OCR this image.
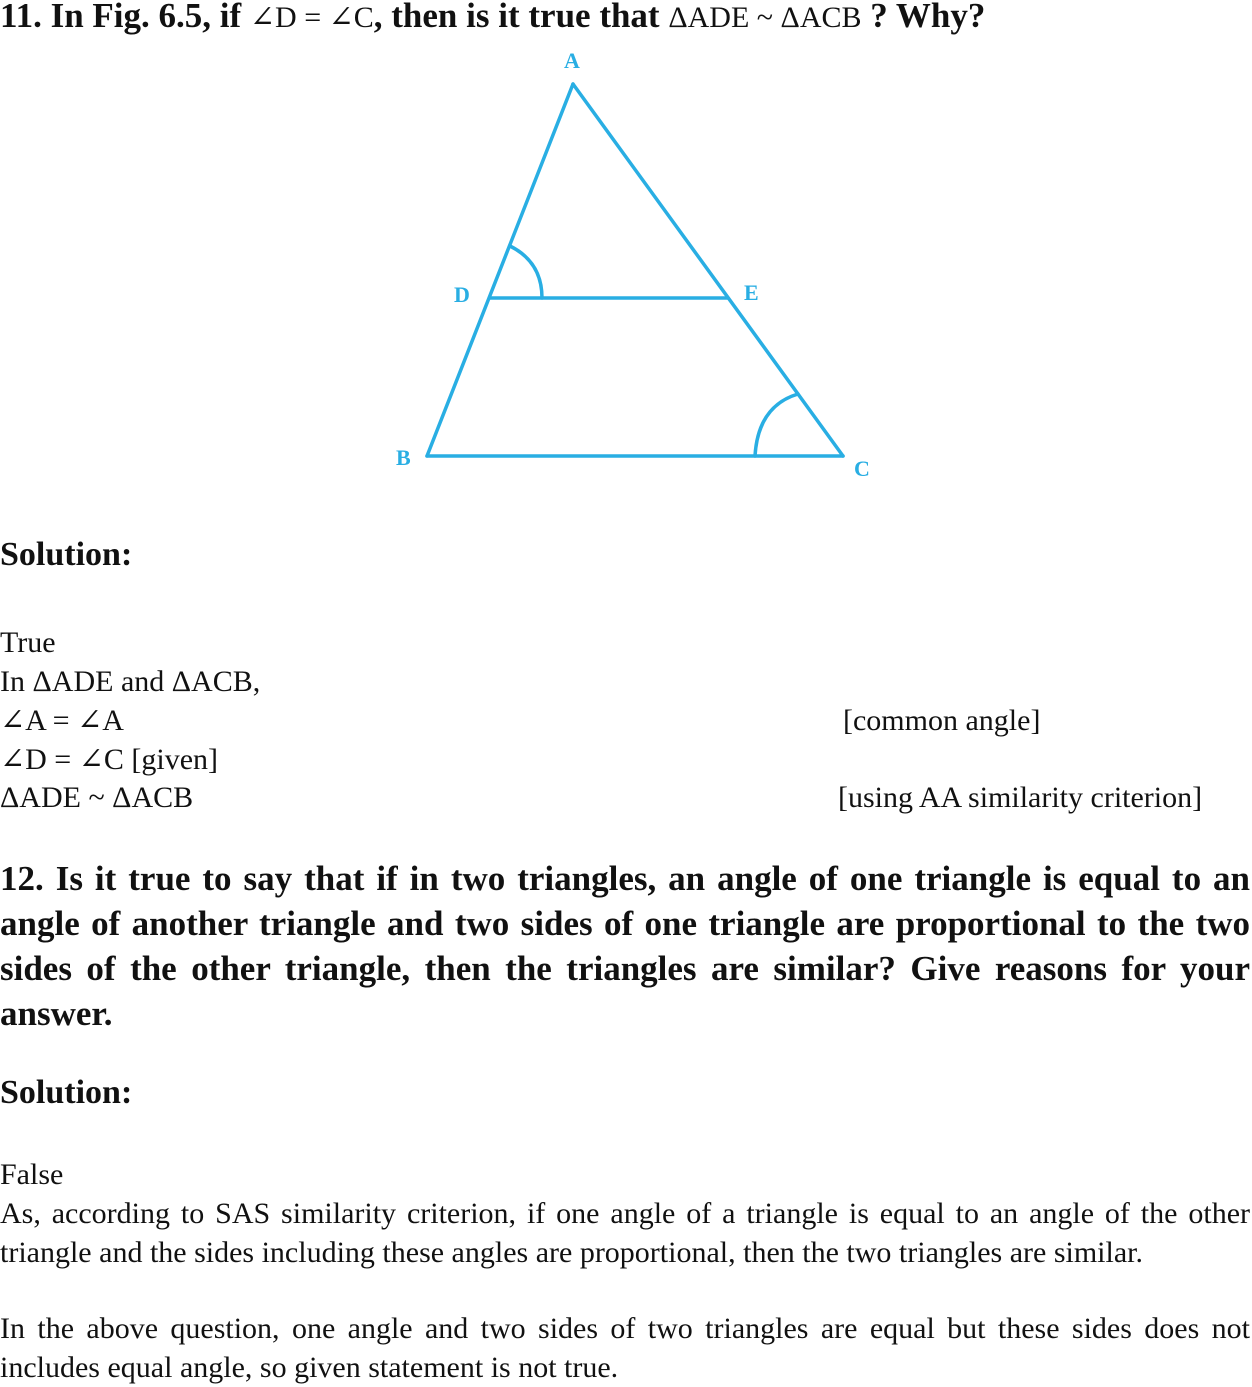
11. In Fig. 6.5, if ∠D = ∠C, then is it true that ΔADE ~ ΔACB ? Why?
A
D	E
B	C
Solution:
True
In ΔADE and ΔACB,
∠A = ∠A	[common angle]
∠D = ∠C [given]
ΔADE ~ ΔACB	[using AA similarity criterion]
12. Is it true to say that if in two triangles, an angle of one triangle is equal to an angle of another triangle and two sides of one triangle are proportional to the two sides of the other triangle, then the triangles are similar? Give reasons for your answer.
Solution:
False
As, according to SAS similarity criterion, if one angle of a triangle is equal to an angle of the other triangle and the sides including these angles are proportional, then the two triangles are similar.
In the above question, one angle and two sides of two triangles are equal but these sides does not includes equal angle, so given statement is not true.
